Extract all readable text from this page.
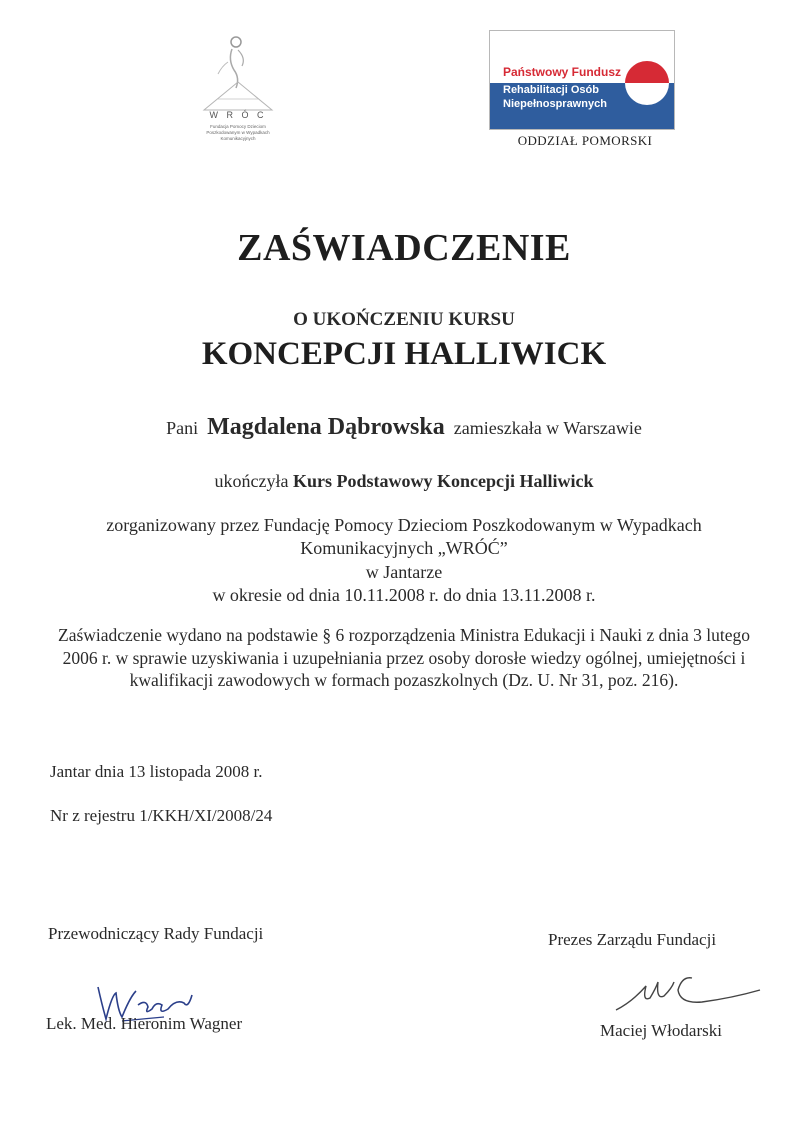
W R Ó C
Fundacja Pomocy Dzieciom
Poszkodowanym w Wypadkach
Komunikacyjnych
Państwowy Fundusz
Rehabilitacji Osób
Niepełnosprawnych
ODDZIAŁ POMORSKI
ZAŚWIADCZENIE
O UKOŃCZENIU KURSU
KONCEPCJI HALLIWICK
Pani Magdalena Dąbrowska zamieszkała w Warszawie
ukończyła Kurs Podstawowy Koncepcji Halliwick
zorganizowany przez Fundację Pomocy Dzieciom Poszkodowanym w Wypadkach
Komunikacyjnych „WRÓĆ”
w Jantarze
w okresie od dnia 10.11.2008 r. do dnia 13.11.2008 r.
Zaświadczenie wydano na podstawie § 6 rozporządzenia Ministra Edukacji i Nauki z dnia 3 lutego 2006 r. w sprawie uzyskiwania i uzupełniania przez osoby dorosłe wiedzy ogólnej, umiejętności i kwalifikacji zawodowych w formach pozaszkolnych (Dz. U. Nr 31, poz. 216).
Jantar dnia 13 listopada 2008 r.
Nr z rejestru 1/KKH/XI/2008/24
Przewodniczący Rady Fundacji	Prezes Zarządu Fundacji
Lek. Med. Hieronim Wagner	Maciej Włodarski
